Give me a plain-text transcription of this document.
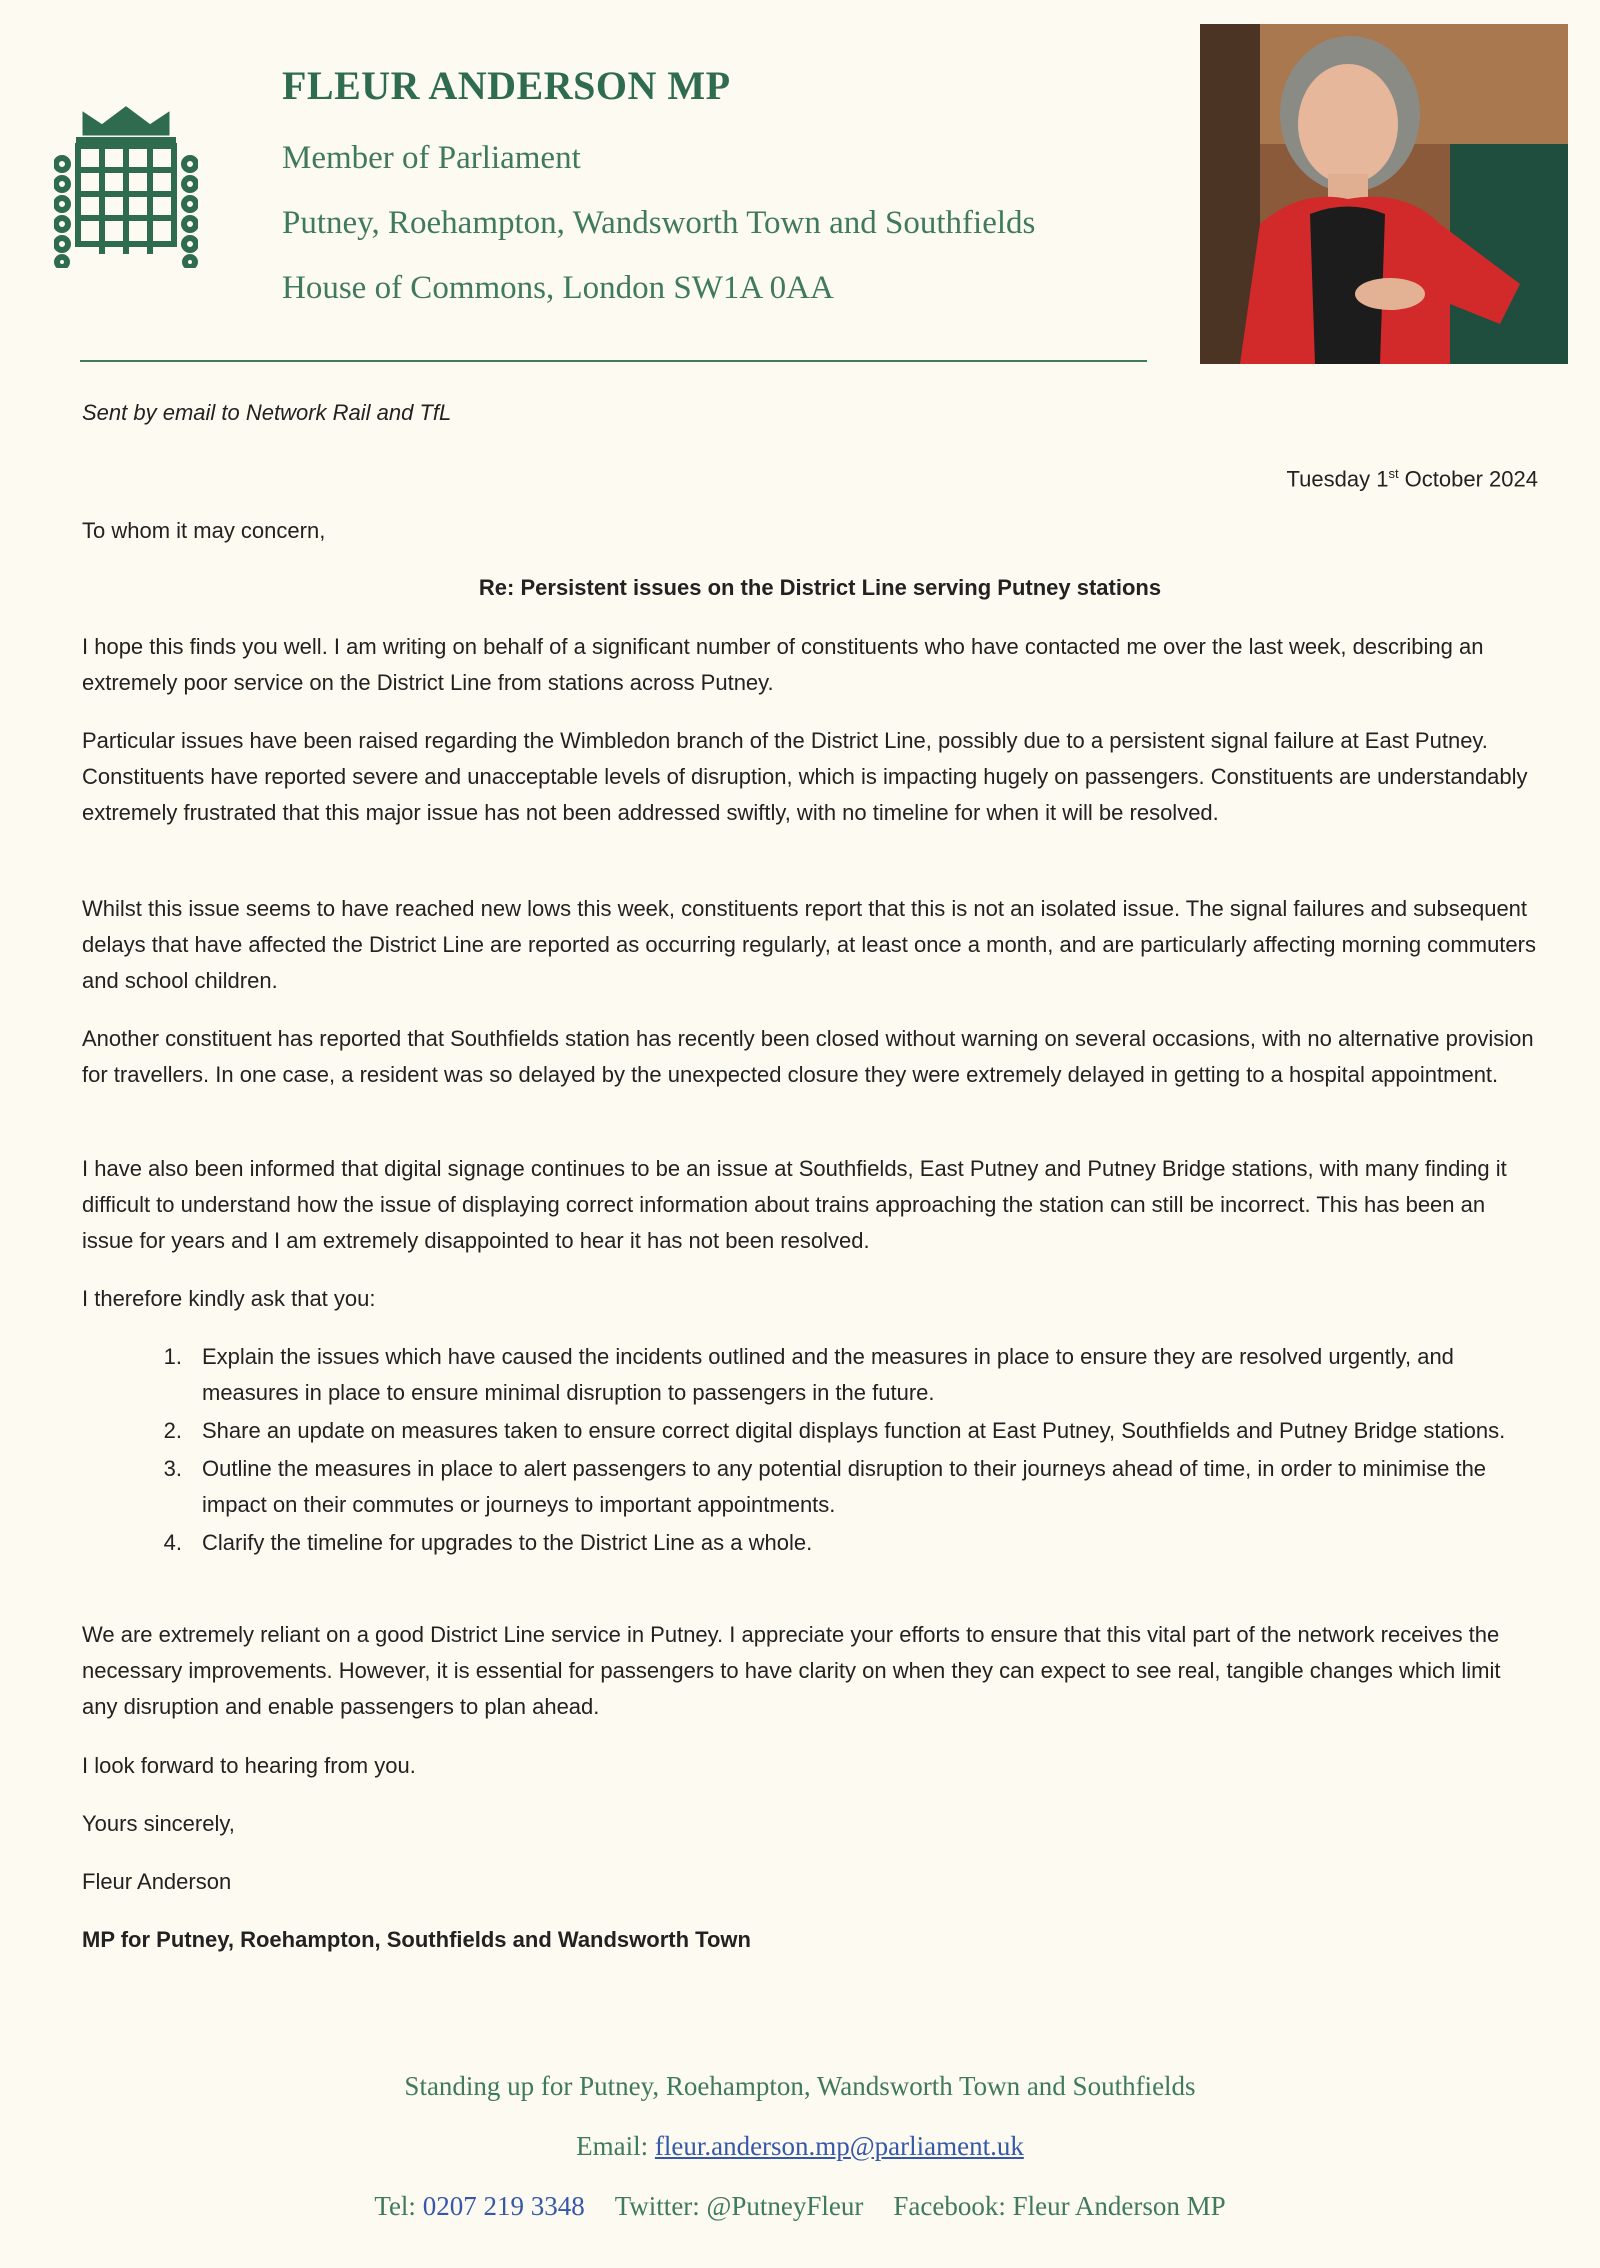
FLEUR ANDERSON MP
Member of Parliament
Putney, Roehampton, Wandsworth Town and Southfields
House of Commons, London SW1A 0AA
Sent by email to Network Rail and TfL
Tuesday 1st October 2024
To whom it may concern,
Re: Persistent issues on the District Line serving Putney stations
I hope this finds you well. I am writing on behalf of a significant number of constituents who have contacted me over the last week, describing an extremely poor service on the District Line from stations across Putney.
Particular issues have been raised regarding the Wimbledon branch of the District Line, possibly due to a persistent signal failure at East Putney. Constituents have reported severe and unacceptable levels of disruption, which is impacting hugely on passengers. Constituents are understandably extremely frustrated that this major issue has not been addressed swiftly, with no timeline for when it will be resolved.
Whilst this issue seems to have reached new lows this week, constituents report that this is not an isolated issue. The signal failures and subsequent delays that have affected the District Line are reported as occurring regularly, at least once a month, and are particularly affecting morning commuters and school children.
Another constituent has reported that Southfields station has recently been closed without warning on several occasions, with no alternative provision for travellers. In one case, a resident was so delayed by the unexpected closure they were extremely delayed in getting to a hospital appointment.
I have also been informed that digital signage continues to be an issue at Southfields, East Putney and Putney Bridge stations, with many finding it difficult to understand how the issue of displaying correct information about trains approaching the station can still be incorrect. This has been an issue for years and I am extremely disappointed to hear it has not been resolved.
I therefore kindly ask that you:
1. Explain the issues which have caused the incidents outlined and the measures in place to ensure they are resolved urgently, and measures in place to ensure minimal disruption to passengers in the future.
2. Share an update on measures taken to ensure correct digital displays function at East Putney, Southfields and Putney Bridge stations.
3. Outline the measures in place to alert passengers to any potential disruption to their journeys ahead of time, in order to minimise the impact on their commutes or journeys to important appointments.
4. Clarify the timeline for upgrades to the District Line as a whole.
We are extremely reliant on a good District Line service in Putney. I appreciate your efforts to ensure that this vital part of the network receives the necessary improvements. However, it is essential for passengers to have clarity on when they can expect to see real, tangible changes which limit any disruption and enable passengers to plan ahead.
I look forward to hearing from you.
Yours sincerely,
Fleur Anderson
MP for Putney, Roehampton, Southfields and Wandsworth Town
Standing up for Putney, Roehampton, Wandsworth Town and Southfields
Email: fleur.anderson.mp@parliament.uk
Tel: 0207 219 3348 Twitter: @PutneyFleur Facebook: Fleur Anderson MP
